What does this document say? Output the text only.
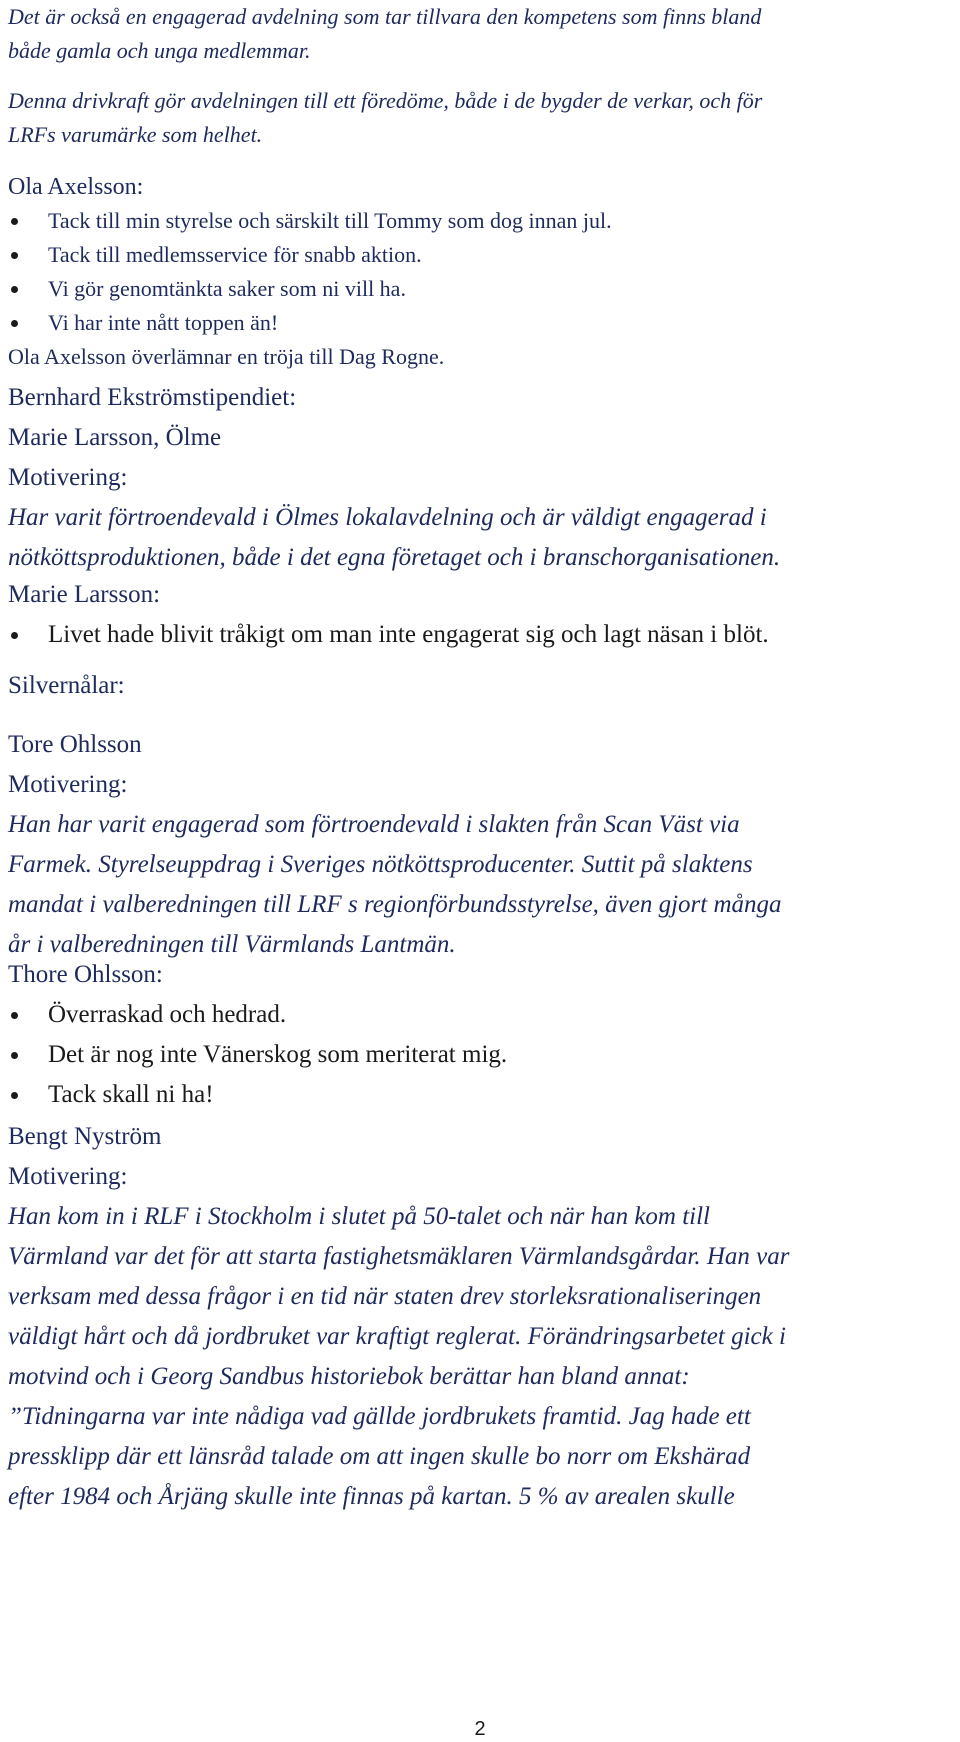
Det är också en engagerad avdelning som tar tillvara den kompetens som finns bland
både gamla och unga medlemmar.
Denna drivkraft gör avdelningen till ett föredöme, både i de bygder de verkar, och för
LRFs varumärke som helhet.
Ola Axelsson:
Tack till min styrelse och särskilt till Tommy som dog innan jul.
Tack till medlemsservice för snabb aktion.
Vi gör genomtänkta saker som ni vill ha.
Vi har inte nått toppen än!
Ola Axelsson överlämnar en tröja till Dag Rogne.
Bernhard Ekströmstipendiet:
Marie Larsson, Ölme
Motivering:
Har varit förtroendevald i Ölmes lokalavdelning och är väldigt engagerad i
nötköttsproduktionen, både i det egna företaget och i branschorganisationen.
Marie Larsson:
Livet hade blivit tråkigt om man inte engagerat sig och lagt näsan i blöt.
Silvernålar:
Tore Ohlsson
Motivering:
Han har varit engagerad som förtroendevald i slakten från Scan Väst via
Farmek. Styrelseuppdrag i Sveriges nötköttsproducenter. Suttit på slaktens
mandat i valberedningen till LRF s regionförbundsstyrelse, även gjort många
år i valberedningen till Värmlands Lantmän.
Thore Ohlsson:
Överraskad och hedrad.
Det är nog inte Vänerskog som meriterat mig.
Tack skall ni ha!
Bengt Nyström
Motivering:
Han kom in i RLF i Stockholm i slutet på 50-talet och när han kom till
Värmland var det för att starta fastighetsmäklaren Värmlandsgårdar. Han var
verksam med dessa frågor i en tid när staten drev storleksrationaliseringen
väldigt hårt och då jordbruket var kraftigt reglerat. Förändringsarbetet gick i
motvind och i Georg Sandbus historiebok berättar han bland annat:
”Tidningarna var inte nådiga vad gällde jordbrukets framtid. Jag hade ett
pressklipp där ett länsråd talade om att ingen skulle bo norr om Ekshärad
efter 1984 och Årjäng skulle inte finnas på kartan. 5 % av arealen skulle
2
